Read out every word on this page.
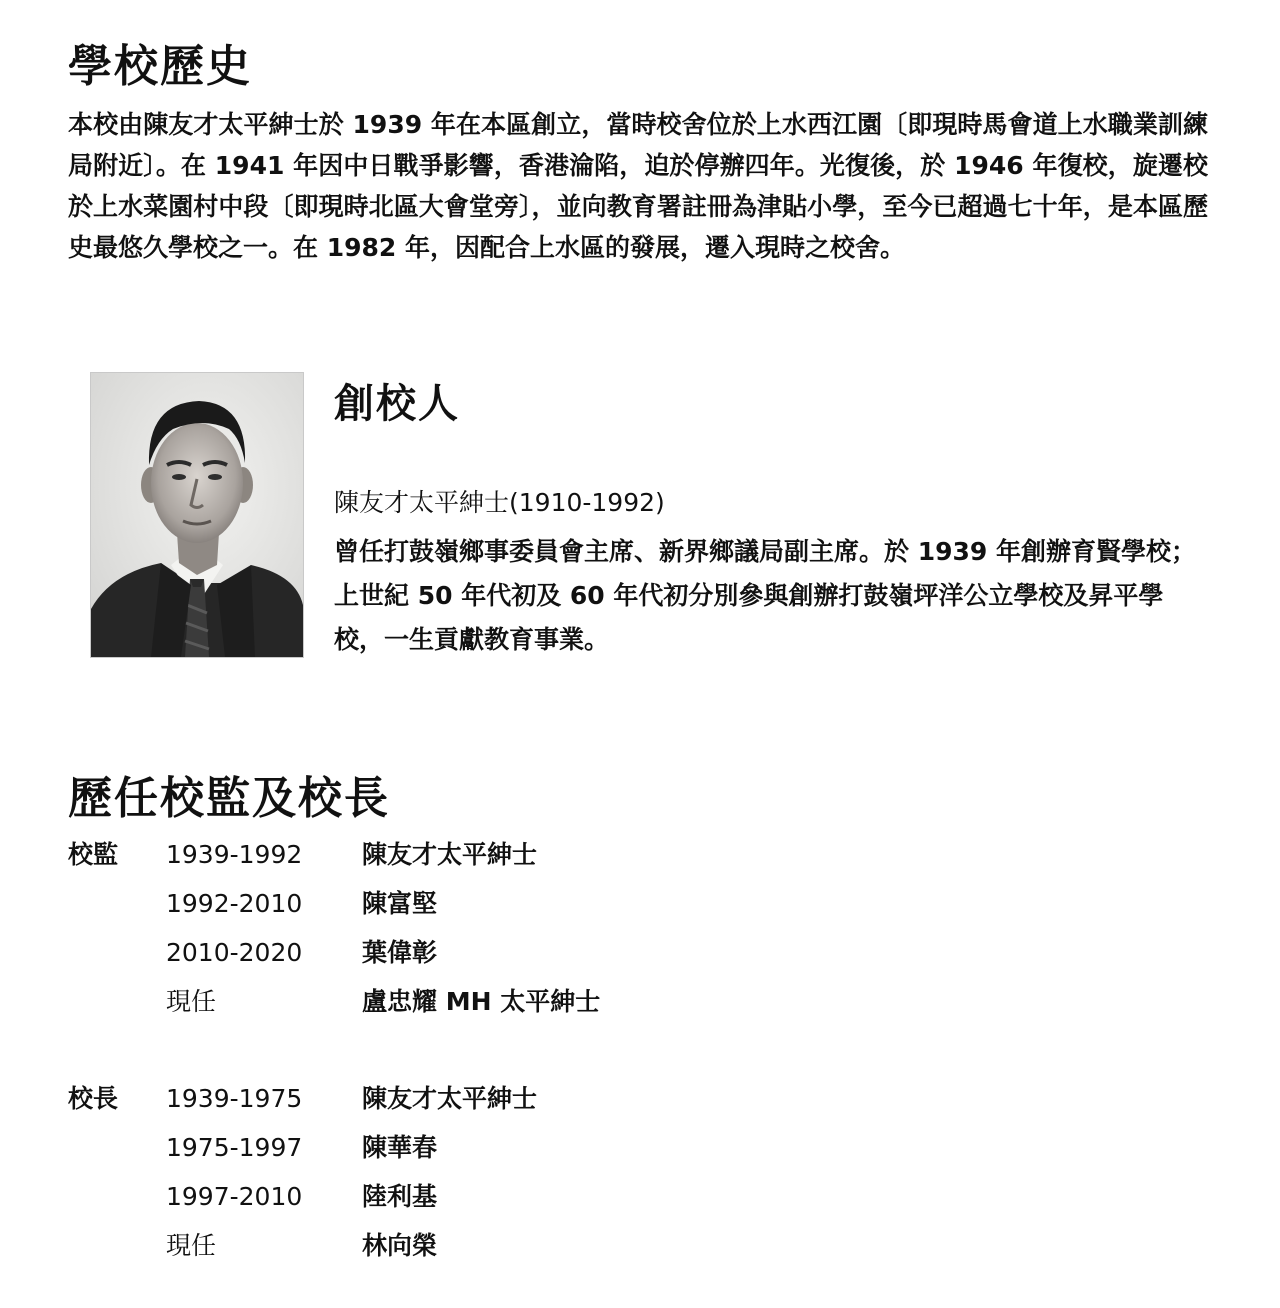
學校歷史

本校由陳友才太平紳士於 1939 年在本區創立，當時校舍位於上水西江園〔即現時馬會道上水職業訓練局附近〕。在 1941 年因中日戰爭影響，香港淪陷，迫於停辦四年。光復後，於 1946 年復校，旋遷校於上水菜園村中段〔即現時北區大會堂旁〕，並向教育署註冊為津貼小學，至今已超過七十年，是本區歷史最悠久學校之一。在 1982 年，因配合上水區的發展，遷入現時之校舍。

創校人

陳友才太平紳士(1910-1992)

曾任打鼓嶺鄉事委員會主席、新界鄉議局副主席。於 1939 年創辦育賢學校；上世紀 50 年代初及 60 年代初分別參與創辦打鼓嶺坪洋公立學校及昇平學校，一生貢獻教育事業。

歷任校監及校長
校監 1939-1992 陳友才太平紳士
1992-2010 陳富堅
2010-2020 葉偉彰
現任	盧忠耀 MH 太平紳士
校長 1939-1975 陳友才太平紳士
1975-1997 陳華春
1997-2010 陸利基
現任	林向榮
